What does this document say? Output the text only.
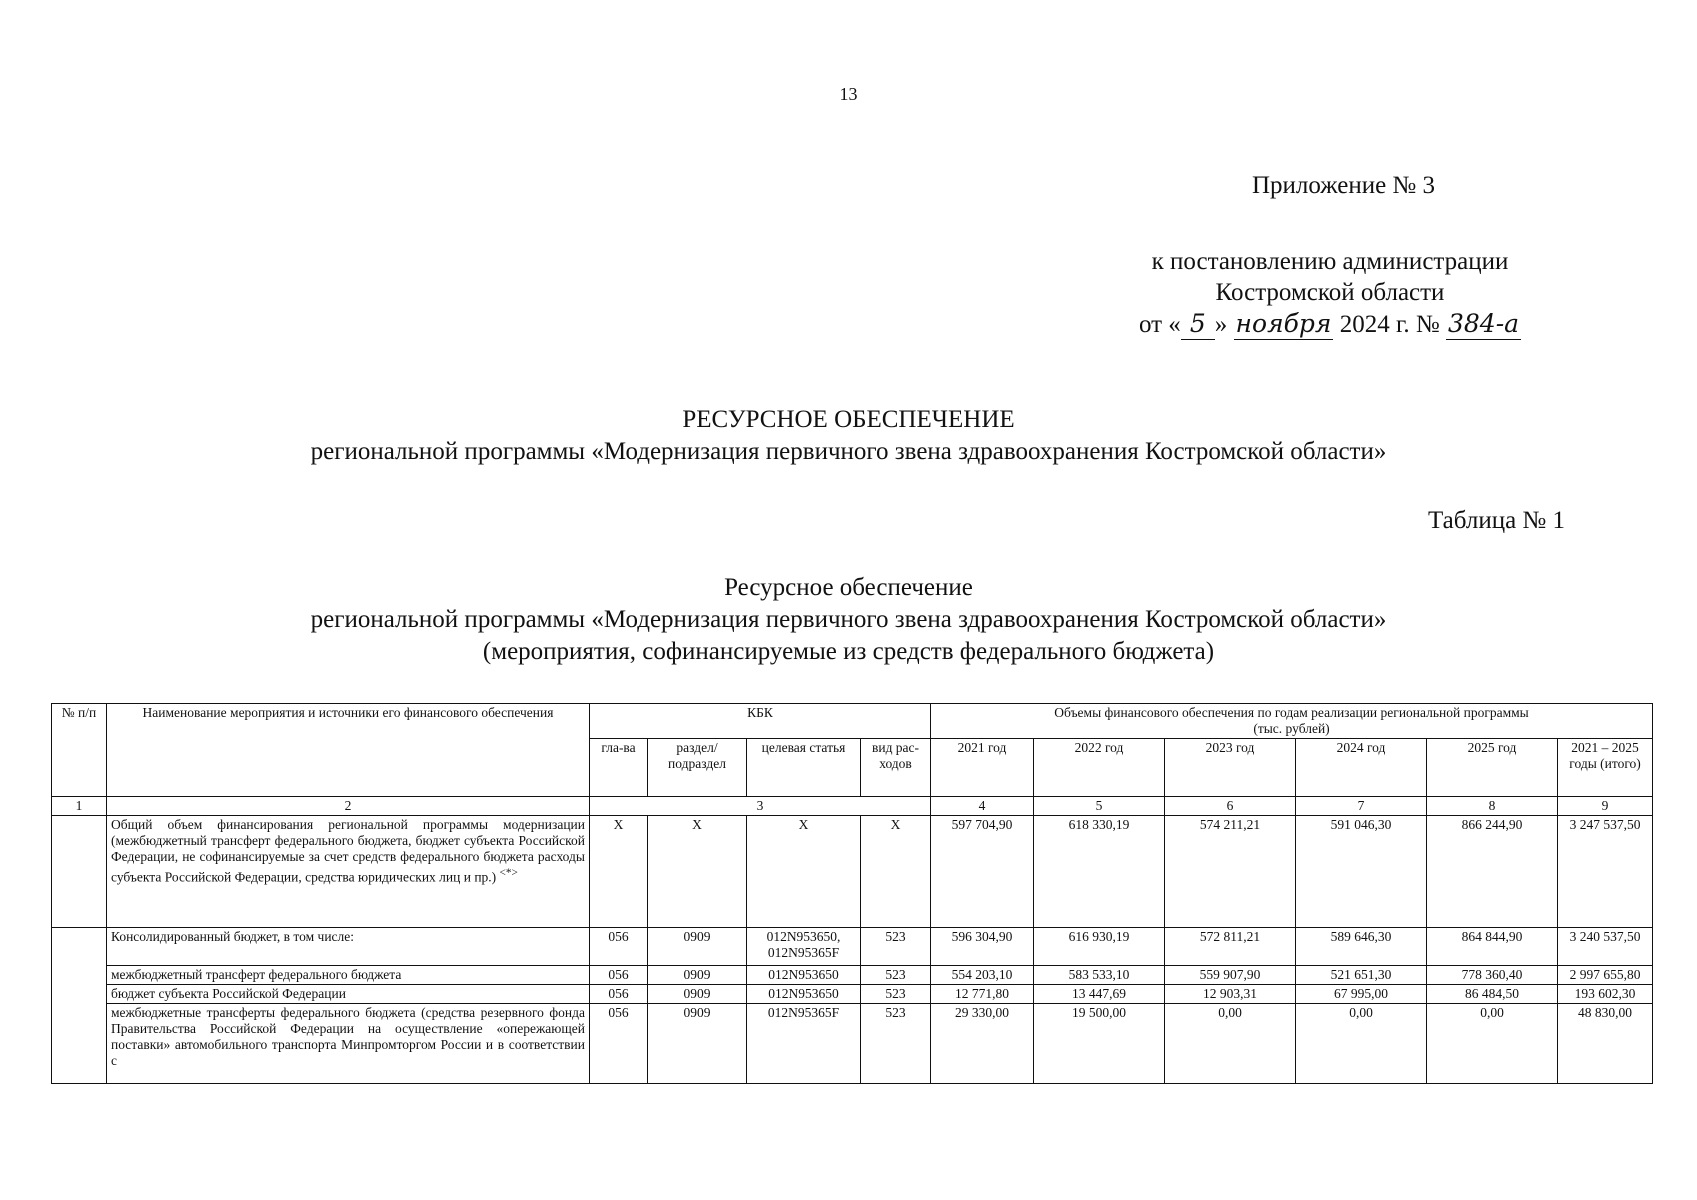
13
Приложение № 3
к постановлению администрации
Костромской области
от « 5 » ноября 2024 г. № 384-а
РЕСУРСНОЕ ОБЕСПЕЧЕНИЕ
региональной программы «Модернизация первичного звена здравоохранения Костромской области»
Таблица № 1
Ресурсное обеспечение
региональной программы «Модернизация первичного звена здравоохранения Костромской области»
(мероприятия, софинансируемые из средств федерального бюджета)
№ п/п	Наименование мероприятия и источники его финансового обеспечения	КБК				Объемы финансового обеспечения по годам реализации региональной программы
(тыс. рублей)					

		гла-ва	раздел/ подраздел	целевая статья	вид рас-ходов	2021 год	2022 год	2023 год	2024 год	2025 год	2021 – 2025 годы (итого)
1	2	3				4	5	6	7	8	9
	Общий объем финансирования региональной программы модернизации (межбюджетный трансферт федерального бюджета, бюджет субъекта Российской Федерации, не софинансируемые за счет средств федерального бюджета расходы субъекта Российской Федерации, средства юридических лиц и пр.) <*>	X	X	X	X	597 704,90	618 330,19	574 211,21	591 046,30	866 244,90	3 247 537,50
	Консолидированный бюджет, в том числе:	056	0909	012N953650, 012N95365F	523	596 304,90	616 930,19	572 811,21	589 646,30	864 844,90	3 240 537,50
	межбюджетный трансферт федерального бюджета	056	0909	012N953650	523	554 203,10	583 533,10	559 907,90	521 651,30	778 360,40	2 997 655,80
	бюджет субъекта Российской Федерации	056	0909	012N953650	523	12 771,80	13 447,69	12 903,31	67 995,00	86 484,50	193 602,30
	межбюджетные трансферты федерального бюджета (средства резервного фонда Правительства Российской Федерации на осуществление «опережающей поставки» автомобильного транспорта Минпромторгом России и в соответствии с	056	0909	012N95365F	523	29 330,00	19 500,00	0,00	0,00	0,00	48 830,00
